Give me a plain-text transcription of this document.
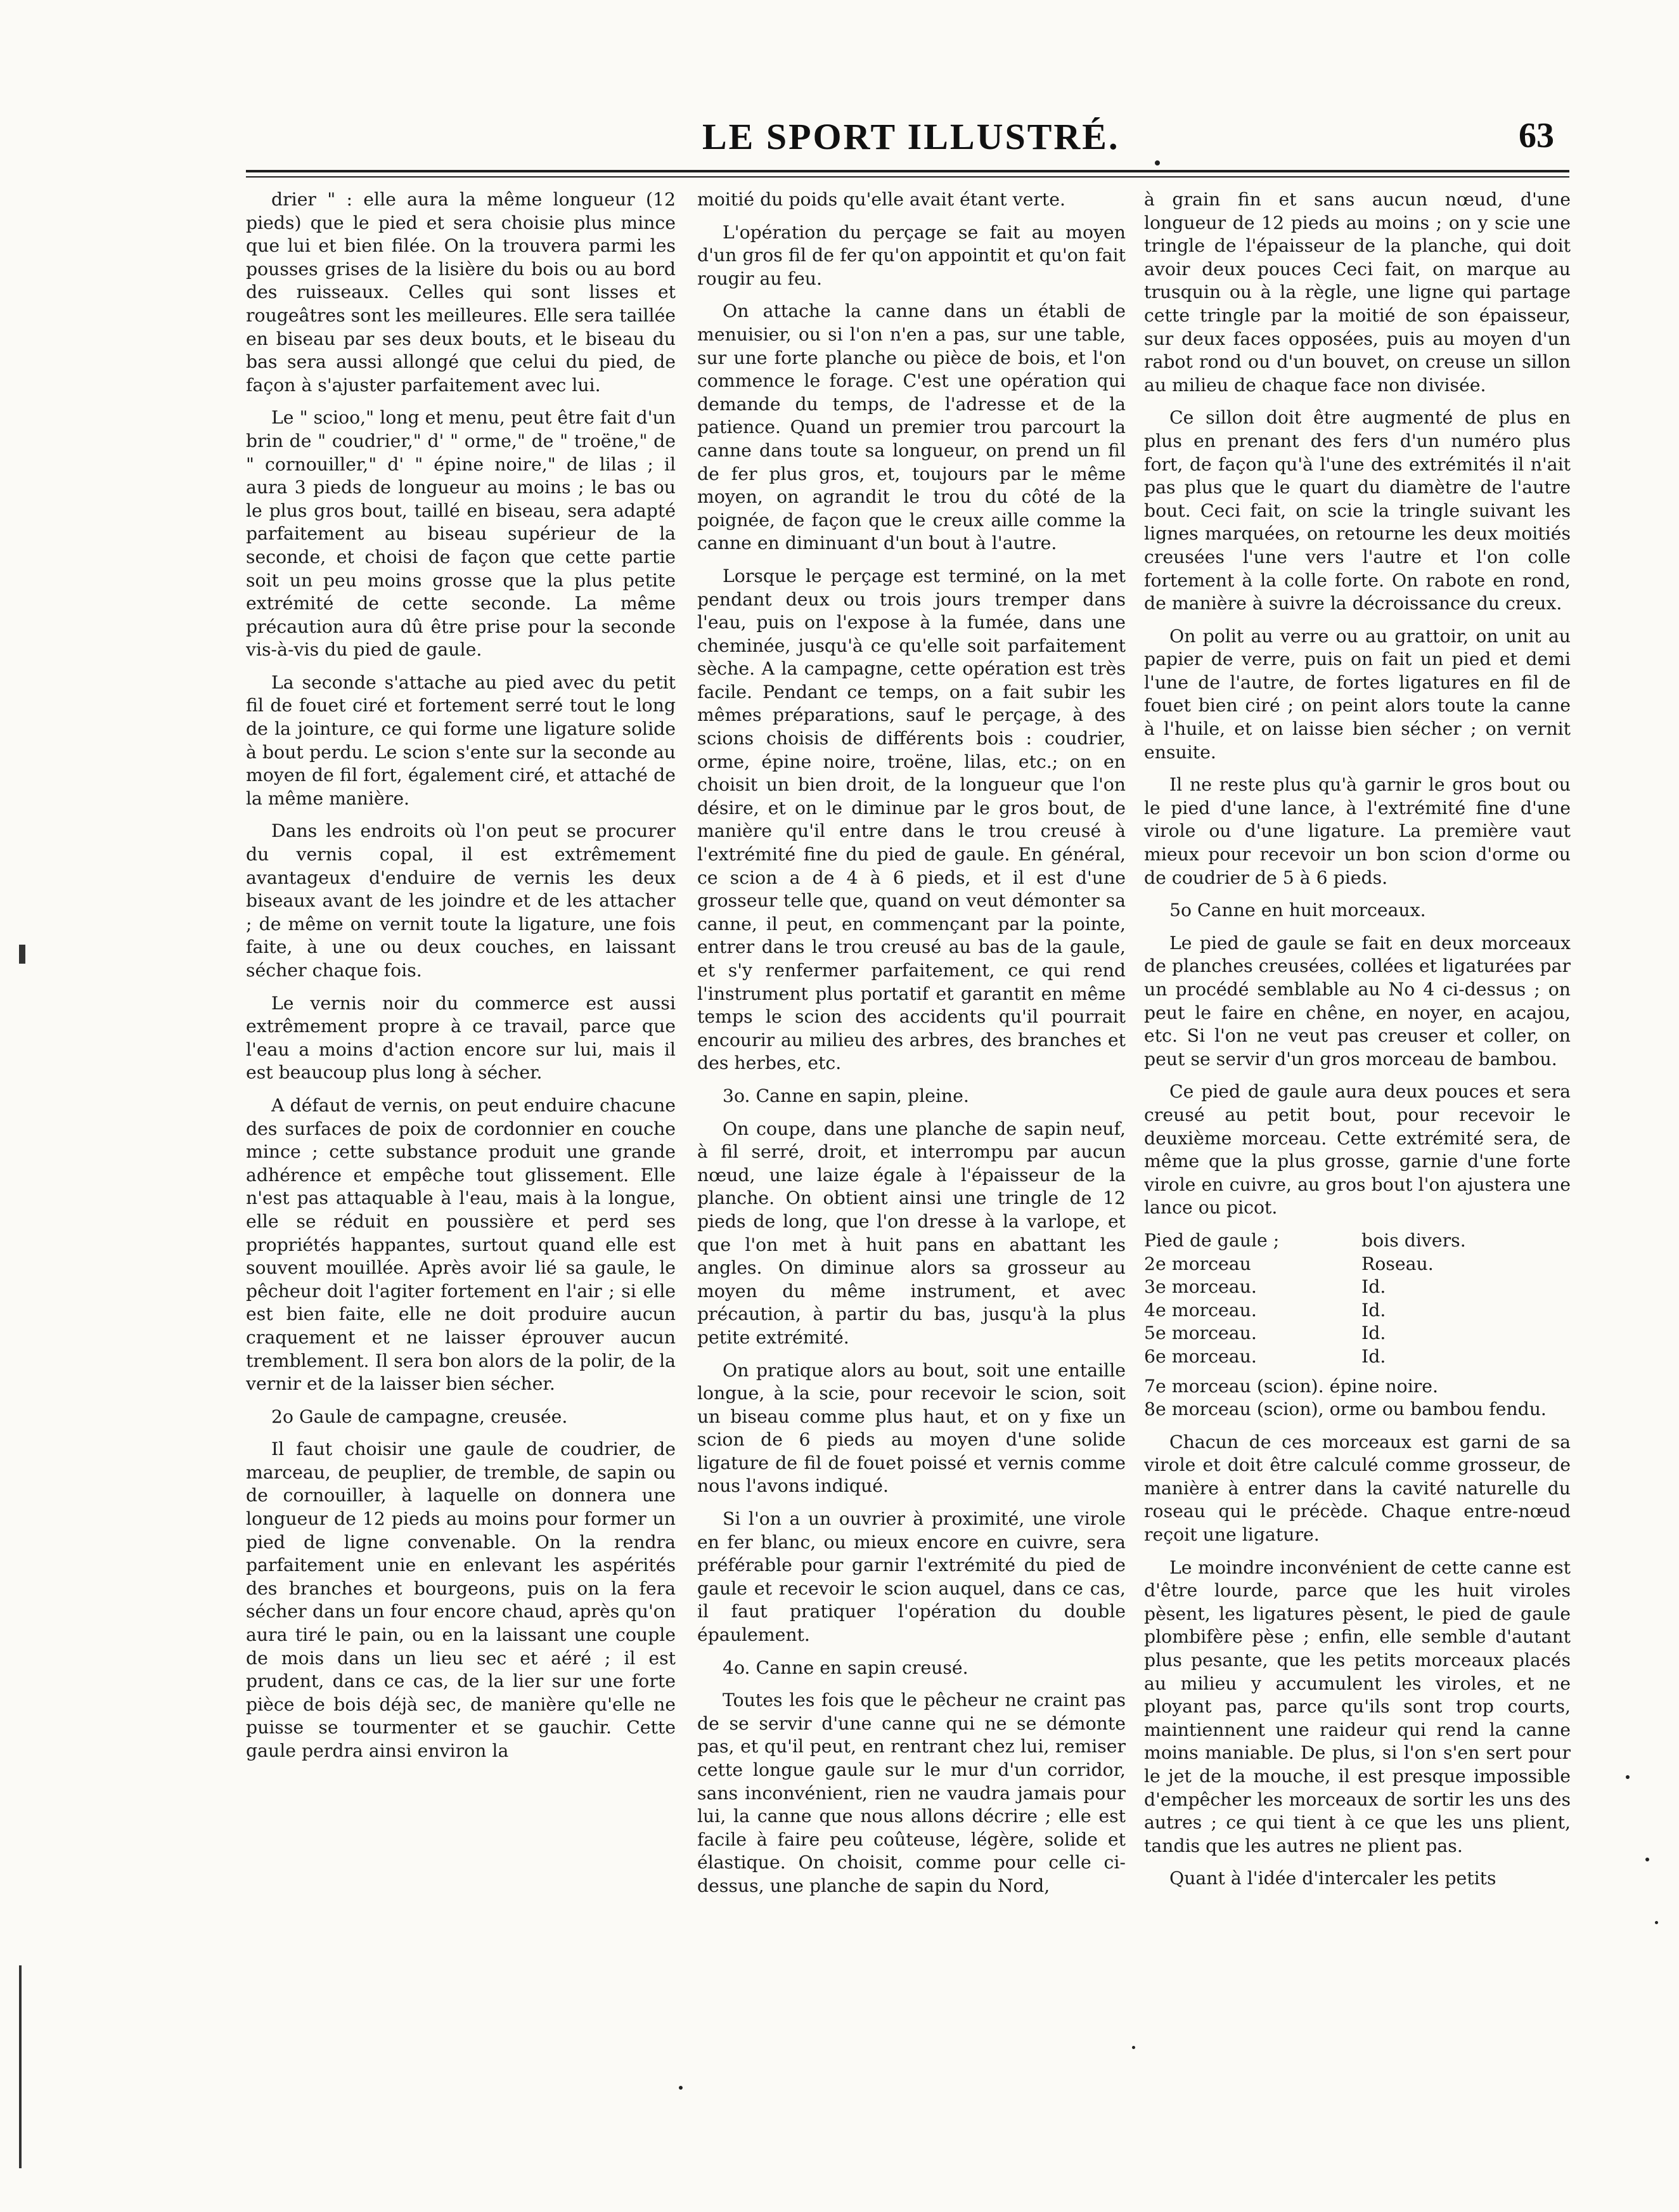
LE SPORT ILLUSTRÉ.	63

drier " : elle aura la même longueur (12 pieds) que le pied et sera choisie plus mince que lui et bien filée. On la trouvera parmi les pousses grises de la lisière du bois ou au bord des ruisseaux. Celles qui sont lisses et rougeâtres sont les meilleures. Elle sera taillée en biseau par ses deux bouts, et le biseau du bas sera aussi allongé que celui du pied, de façon à s'ajuster parfaitement avec lui.

Le " scioo," long et menu, peut être fait d'un brin de " coudrier," d' " orme," de " troëne," de " cornouiller," d' " épine noire," de lilas ; il aura 3 pieds de longueur au moins ; le bas ou le plus gros bout, taillé en biseau, sera adapté parfaitement au biseau supérieur de la seconde, et choisi de façon que cette partie soit un peu moins grosse que la plus petite extrémité de cette seconde. La même précaution aura dû être prise pour la seconde vis-à-vis du pied de gaule.

La seconde s'attache au pied avec du petit fil de fouet ciré et fortement serré tout le long de la jointure, ce qui forme une ligature solide à bout perdu. Le scion s'ente sur la seconde au moyen de fil fort, également ciré, et attaché de la même manière.

Dans les endroits où l'on peut se procurer du vernis copal, il est extrêmement avantageux d'enduire de vernis les deux biseaux avant de les joindre et de les attacher ; de même on vernit toute la ligature, une fois faite, à une ou deux couches, en laissant sécher chaque fois.

Le vernis noir du commerce est aussi extrêmement propre à ce travail, parce que l'eau a moins d'action encore sur lui, mais il est beaucoup plus long à sécher.

A défaut de vernis, on peut enduire chacune des surfaces de poix de cordonnier en couche mince ; cette substance produit une grande adhérence et empêche tout glissement. Elle n'est pas attaquable à l'eau, mais à la longue, elle se réduit en poussière et perd ses propriétés happantes, surtout quand elle est souvent mouillée. Après avoir lié sa gaule, le pêcheur doit l'agiter fortement en l'air ; si elle est bien faite, elle ne doit produire aucun craquement et ne laisser éprouver aucun tremblement. Il sera bon alors de la polir, de la vernir et de la laisser bien sécher.

2o Gaule de campagne, creusée.

Il faut choisir une gaule de coudrier, de marceau, de peuplier, de tremble, de sapin ou de cornouiller, à laquelle on donnera une longueur de 12 pieds au moins pour former un pied de ligne convenable. On la rendra parfaitement unie en enlevant les aspérités des branches et bourgeons, puis on la fera sécher dans un four encore chaud, après qu'on aura tiré le pain, ou en la laissant une couple de mois dans un lieu sec et aéré ; il est prudent, dans ce cas, de la lier sur une forte pièce de bois déjà sec, de manière qu'elle ne puisse se tourmenter et se gauchir. Cette gaule perdra ainsi environ la

moitié du poids qu'elle avait étant verte.

L'opération du perçage se fait au moyen d'un gros fil de fer qu'on appointit et qu'on fait rougir au feu.

On attache la canne dans un établi de menuisier, ou si l'on n'en a pas, sur une table, sur une forte planche ou pièce de bois, et l'on commence le forage. C'est une opération qui demande du temps, de l'adresse et de la patience. Quand un premier trou parcourt la canne dans toute sa longueur, on prend un fil de fer plus gros, et, toujours par le même moyen, on agrandit le trou du côté de la poignée, de façon que le creux aille comme la canne en diminuant d'un bout à l'autre.

Lorsque le perçage est terminé, on la met pendant deux ou trois jours tremper dans l'eau, puis on l'expose à la fumée, dans une cheminée, jusqu'à ce qu'elle soit parfaitement sèche. A la campagne, cette opération est très facile. Pendant ce temps, on a fait subir les mêmes préparations, sauf le perçage, à des scions choisis de différents bois : coudrier, orme, épine noire, troëne, lilas, etc.; on en choisit un bien droit, de la longueur que l'on désire, et on le diminue par le gros bout, de manière qu'il entre dans le trou creusé à l'extrémité fine du pied de gaule. En général, ce scion a de 4 à 6 pieds, et il est d'une grosseur telle que, quand on veut démonter sa canne, il peut, en commençant par la pointe, entrer dans le trou creusé au bas de la gaule, et s'y renfermer parfaitement, ce qui rend l'instrument plus portatif et garantit en même temps le scion des accidents qu'il pourrait encourir au milieu des arbres, des branches et des herbes, etc.

3o. Canne en sapin, pleine.

On coupe, dans une planche de sapin neuf, à fil serré, droit, et interrompu par aucun nœud, une laize égale à l'épaisseur de la planche. On obtient ainsi une tringle de 12 pieds de long, que l'on dresse à la varlope, et que l'on met à huit pans en abattant les angles. On diminue alors sa grosseur au moyen du même instrument, et avec précaution, à partir du bas, jusqu'à la plus petite extrémité.

On pratique alors au bout, soit une entaille longue, à la scie, pour recevoir le scion, soit un biseau comme plus haut, et on y fixe un scion de 6 pieds au moyen d'une solide ligature de fil de fouet poissé et vernis comme nous l'avons indiqué.

Si l'on a un ouvrier à proximité, une virole en fer blanc, ou mieux encore en cuivre, sera préférable pour garnir l'extrémité du pied de gaule et recevoir le scion auquel, dans ce cas, il faut pratiquer l'opération du double épaulement.

4o. Canne en sapin creusé.

Toutes les fois que le pêcheur ne craint pas de se servir d'une canne qui ne se démonte pas, et qu'il peut, en rentrant chez lui, remiser cette longue gaule sur le mur d'un corridor, sans inconvénient, rien ne vaudra jamais pour lui, la canne que nous allons décrire ; elle est facile à faire peu coûteuse, légère, solide et élastique. On choisit, comme pour celle ci-dessus, une planche de sapin du Nord,

à grain fin et sans aucun nœud, d'une longueur de 12 pieds au moins ; on y scie une tringle de l'épaisseur de la planche, qui doit avoir deux pouces Ceci fait, on marque au trusquin ou à la règle, une ligne qui partage cette tringle par la moitié de son épaisseur, sur deux faces opposées, puis au moyen d'un rabot rond ou d'un bouvet, on creuse un sillon au milieu de chaque face non divisée.

Ce sillon doit être augmenté de plus en plus en prenant des fers d'un numéro plus fort, de façon qu'à l'une des extrémités il n'ait pas plus que le quart du diamètre de l'autre bout. Ceci fait, on scie la tringle suivant les lignes marquées, on retourne les deux moitiés creusées l'une vers l'autre et l'on colle fortement à la colle forte. On rabote en rond, de manière à suivre la décroissance du creux.

On polit au verre ou au grattoir, on unit au papier de verre, puis on fait un pied et demi l'une de l'autre, de fortes ligatures en fil de fouet bien ciré ; on peint alors toute la canne à l'huile, et on laisse bien sécher ; on vernit ensuite.

Il ne reste plus qu'à garnir le gros bout ou le pied d'une lance, à l'extrémité fine d'une virole ou d'une ligature. La première vaut mieux pour recevoir un bon scion d'orme ou de coudrier de 5 à 6 pieds.

5o Canne en huit morceaux.

Le pied de gaule se fait en deux morceaux de planches creusées, collées et ligaturées par un procédé semblable au No 4 ci-dessus ; on peut le faire en chêne, en noyer, en acajou, etc. Si l'on ne veut pas creuser et coller, on peut se servir d'un gros morceau de bambou.

Ce pied de gaule aura deux pouces et sera creusé au petit bout, pour recevoir le deuxième morceau. Cette extrémité sera, de même que la plus grosse, garnie d'une forte virole en cuivre, au gros bout l'on ajustera une lance ou picot.

Pied de gaule ;	bois divers.
2e morceau	Roseau.
3e morceau.	Id.
4e morceau.	Id.
5e morceau.	Id.
6e morceau.	Id.

7e morceau (scion). épine noire.

8e morceau (scion), orme ou bambou fendu.

Chacun de ces morceaux est garni de sa virole et doit être calculé comme grosseur, de manière à entrer dans la cavité naturelle du roseau qui le précède. Chaque entre-nœud reçoit une ligature.

Le moindre inconvénient de cette canne est d'être lourde, parce que les huit viroles pèsent, les ligatures pèsent, le pied de gaule plombifère pèse ; enfin, elle semble d'autant plus pesante, que les petits morceaux placés au milieu y accumulent les viroles, et ne ployant pas, parce qu'ils sont trop courts, maintiennent une raideur qui rend la canne moins maniable. De plus, si l'on s'en sert pour le jet de la mouche, il est presque impossible d'empêcher les morceaux de sortir les uns des autres ; ce qui tient à ce que les uns plient, tandis que les autres ne plient pas.

Quant à l'idée d'intercaler les petits
